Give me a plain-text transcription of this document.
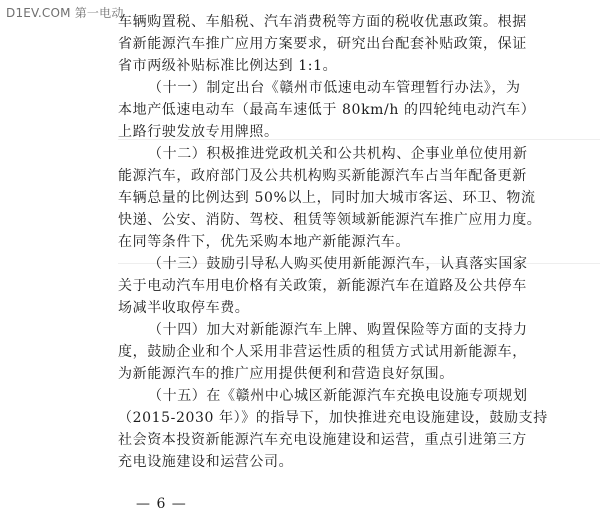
D1EV.COM 第一电动
车辆购置税、车船税、汽车消费税等方面的税收优惠政策。根据
省新能源汽车推广应用方案要求，研究出台配套补贴政策，保证
省市两级补贴标准比例达到 1:1。
（十一）制定出台《赣州市低速电动车管理暂行办法》，为
本地产低速电动车（最高车速低于 80km/h 的四轮纯电动汽车）
上路行驶发放专用牌照。
（十二）积极推进党政机关和公共机构、企事业单位使用新
能源汽车，政府部门及公共机构购买新能源汽车占当年配备更新
车辆总量的比例达到 50%以上，同时加大城市客运、环卫、物流
快递、公安、消防、驾校、租赁等领域新能源汽车推广应用力度。
在同等条件下，优先采购本地产新能源汽车。
（十三）鼓励引导私人购买使用新能源汽车，认真落实国家
关于电动汽车用电价格有关政策，新能源汽车在道路及公共停车
场减半收取停车费。
（十四）加大对新能源汽车上牌、购置保险等方面的支持力
度，鼓励企业和个人采用非营运性质的租赁方式试用新能源车，
为新能源汽车的推广应用提供便利和营造良好氛围。
（十五）在《赣州中心城区新能源汽车充换电设施专项规划
（2015-2030 年）》的指导下，加快推进充电设施建设，鼓励支持
社会资本投资新能源汽车充电设施建设和运营，重点引进第三方
充电设施建设和运营公司。
— 6 —
